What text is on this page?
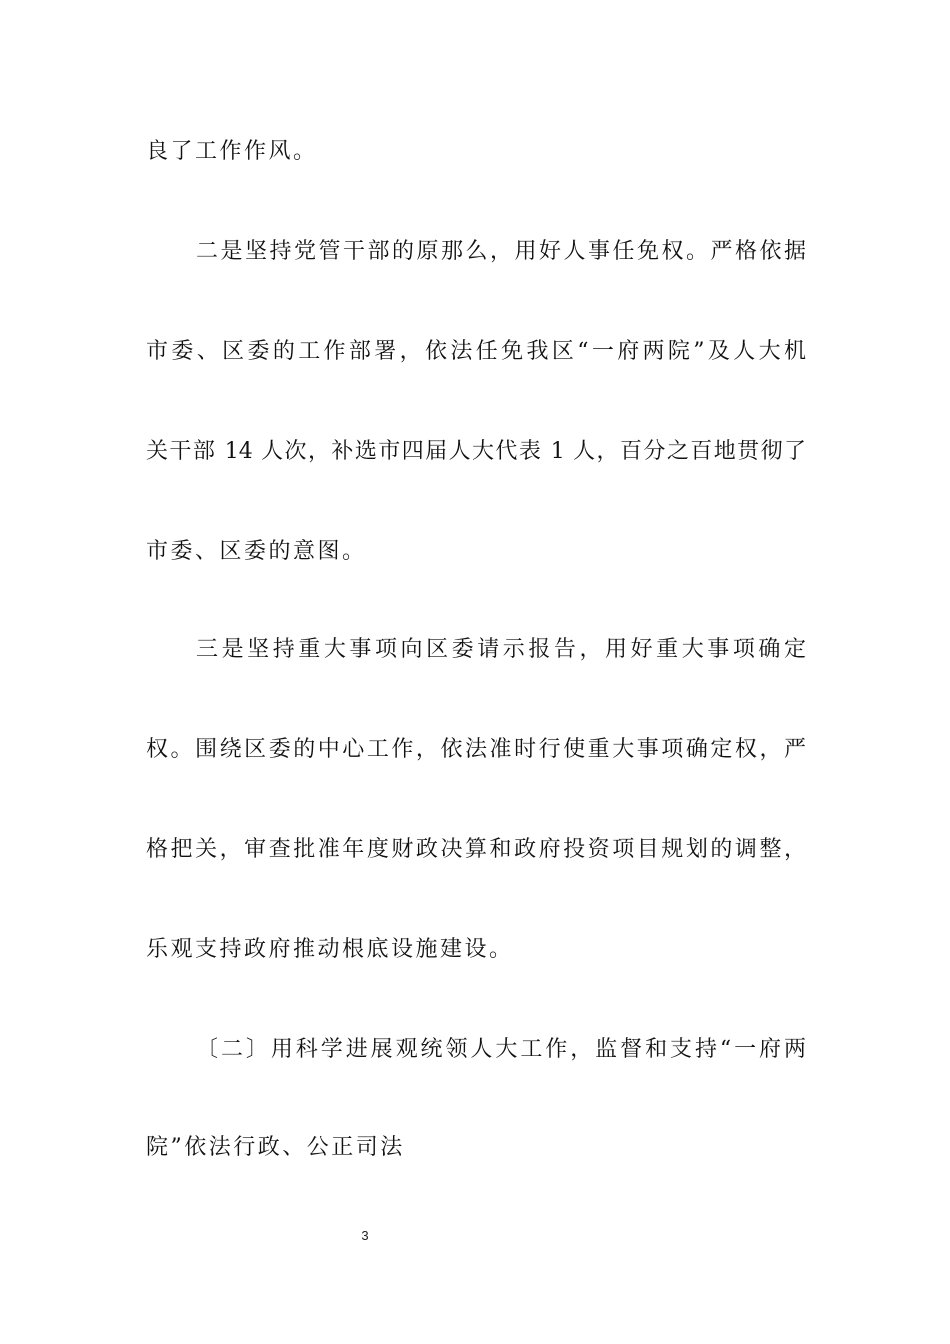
良了工作作风。
二是坚持党管干部的原那么，用好人事任免权。严格依据
市委、区委的工作部署，依法任免我区“一府两院”及人大机
关干部 14 人次，补选市四届人大代表 1 人，百分之百地贯彻了
市委、区委的意图。
三是坚持重大事项向区委请示报告，用好重大事项确定
权。围绕区委的中心工作，依法准时行使重大事项确定权，严
格把关，审查批准年度财政决算和政府投资项目规划的调整，
乐观支持政府推动根底设施建设。
〔二〕用科学进展观统领人大工作，监督和支持“一府两
院”依法行政、公正司法
3
